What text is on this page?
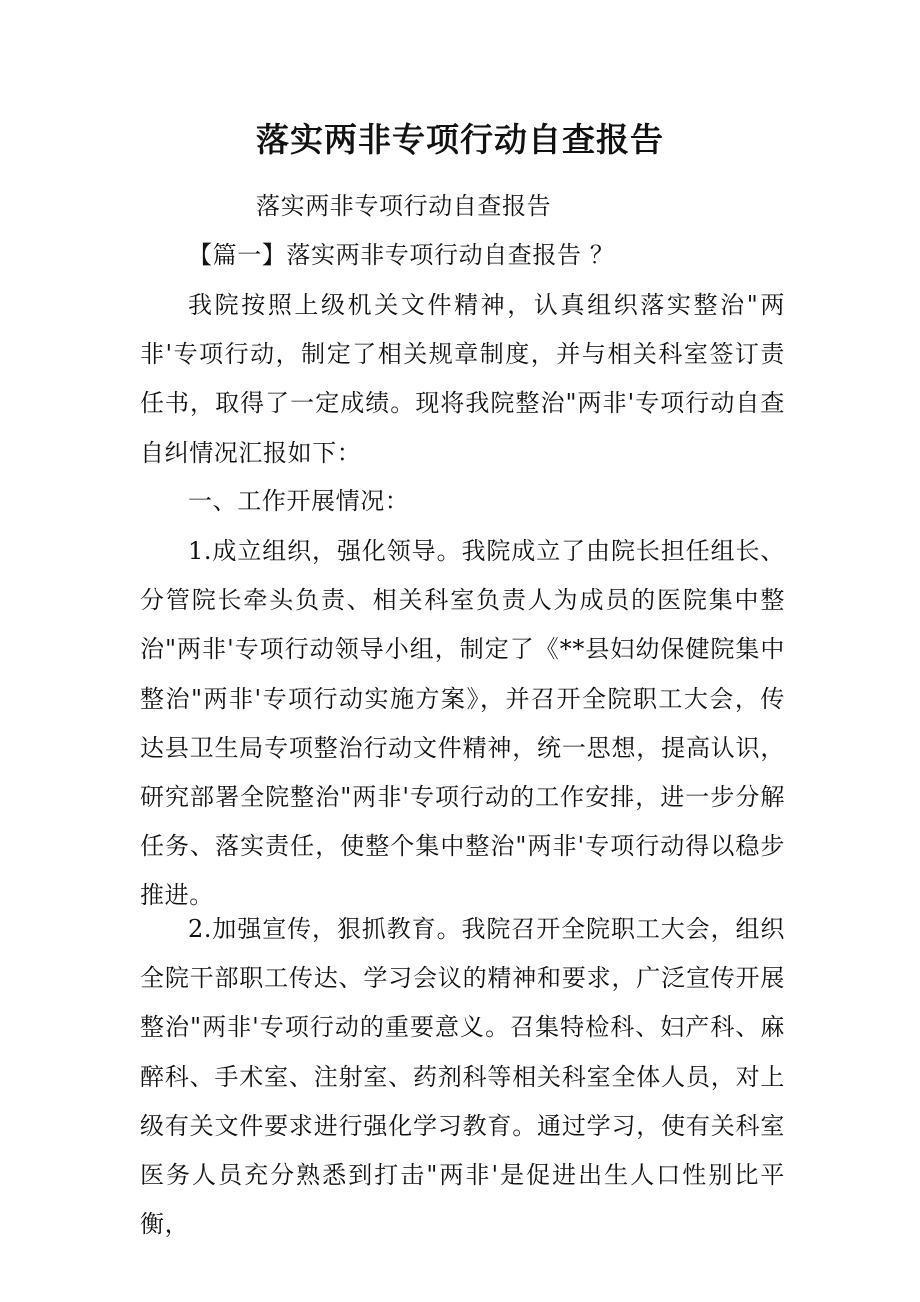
落实两非专项行动自查报告

落实两非专项行动自查报告

【篇一】落实两非专项行动自查报告 ？

我院按照上级机关文件精神，认真组织落实整治"两非'专项行动，制定了相关规章制度，并与相关科室签订责任书，取得了一定成绩。现将我院整治"两非'专项行动自查自纠情况汇报如下：

一、工作开展情况：

1.成立组织，强化领导。我院成立了由院长担任组长、分管院长牵头负责、相关科室负责人为成员的医院集中整治"两非'专项行动领导小组，制定了《**县妇幼保健院集中整治"两非'专项行动实施方案》，并召开全院职工大会，传达县卫生局专项整治行动文件精神，统一思想，提高认识，研究部署全院整治"两非'专项行动的工作安排，进一步分解任务、落实责任，使整个集中整治"两非'专项行动得以稳步推进。

2.加强宣传，狠抓教育。我院召开全院职工大会，组织全院干部职工传达、学习会议的精神和要求，广泛宣传开展整治"两非'专项行动的重要意义。召集特检科、妇产科、麻醉科、手术室、注射室、药剂科等相关科室全体人员，对上级有关文件要求进行强化学习教育。通过学习，使有关科室医务人员充分熟悉到打击"两非'是促进出生人口性别比平衡，
